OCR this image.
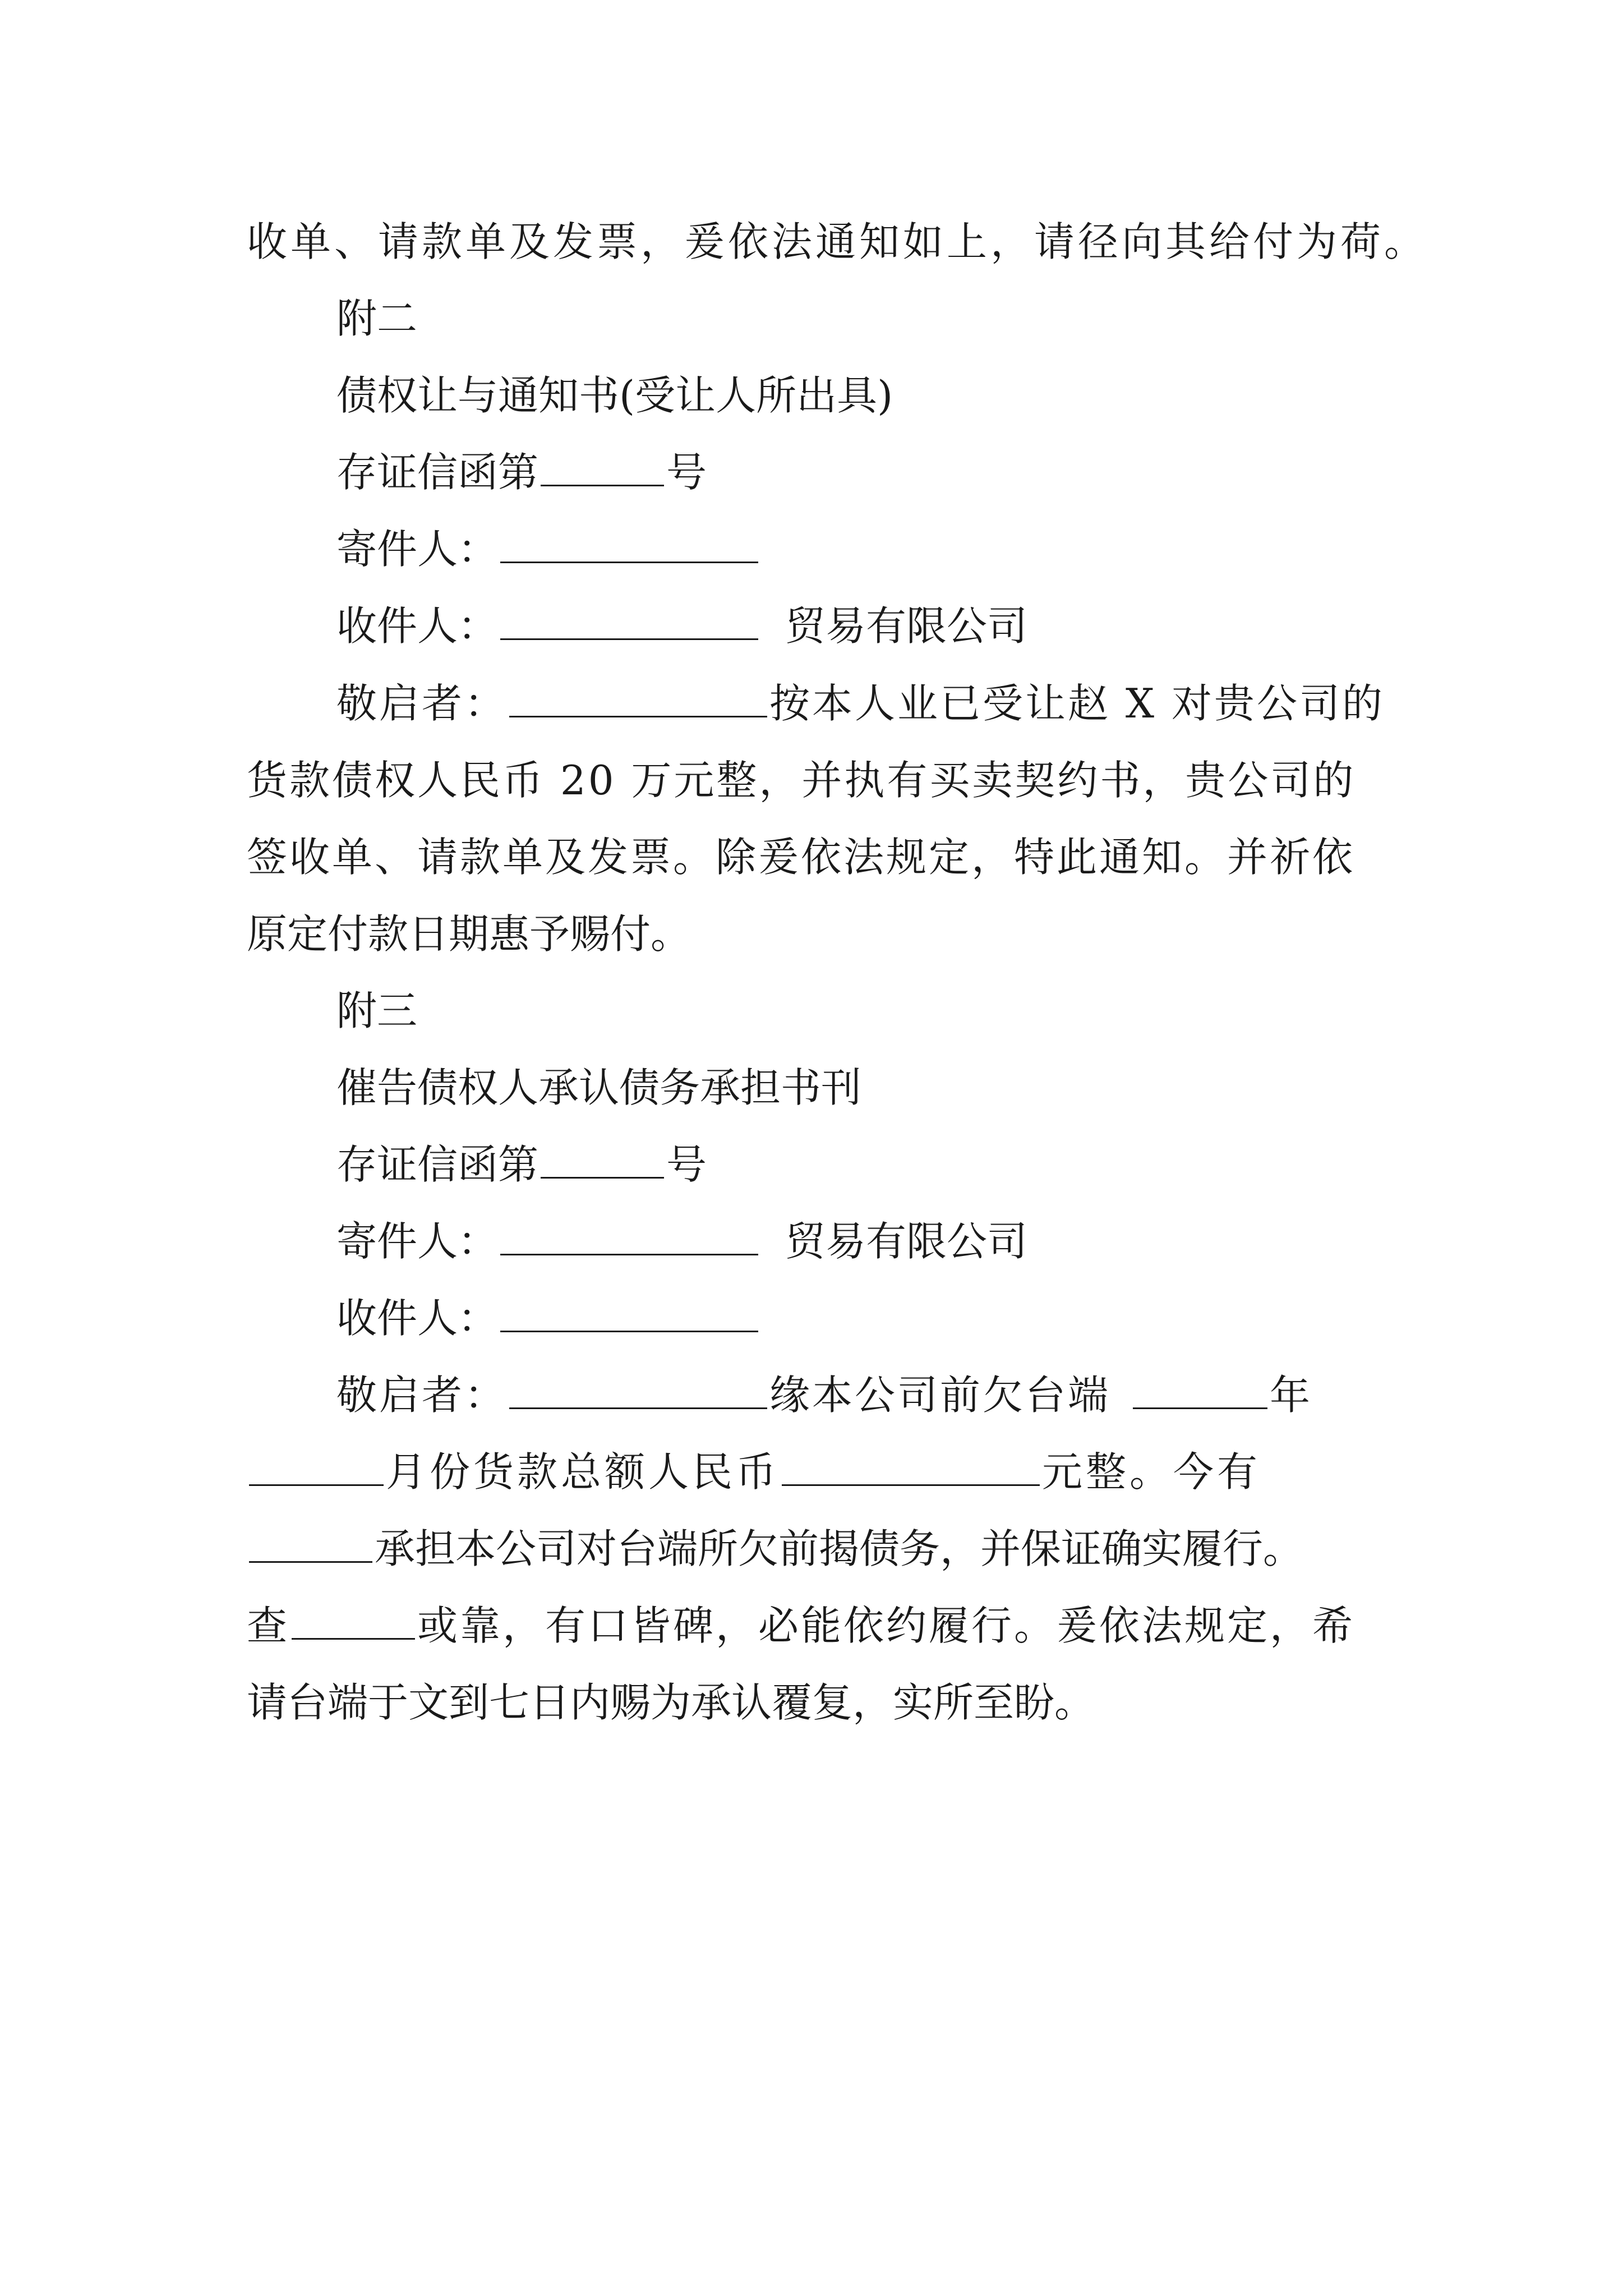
收单、请款单及发票，爰依法通知如上，请径向其给付为荷。
附二
债权让与通知书(受让人所出具)
存证信函第	号
寄件人：
收件人：	贸易有限公司
敬启者：	按本人业已受让赵 X 对贵公司的
货款债权人民币 20 万元整，并执有买卖契约书，贵公司的
签收单、请款单及发票。除爰依法规定，特此通知。并祈依
原定付款日期惠予赐付。
附三
催告债权人承认债务承担书刊
存证信函第	号
寄件人：	贸易有限公司
收件人：
敬启者：	缘本公司前欠台端	年
月份货款总额人民币	元整。今有
承担本公司对台端所欠前揭债务，并保证确实履行。
查	或靠，有口皆碑，必能依约履行。爰依法规定，希
请台端于文到七日内赐为承认覆复，实所至盼。
